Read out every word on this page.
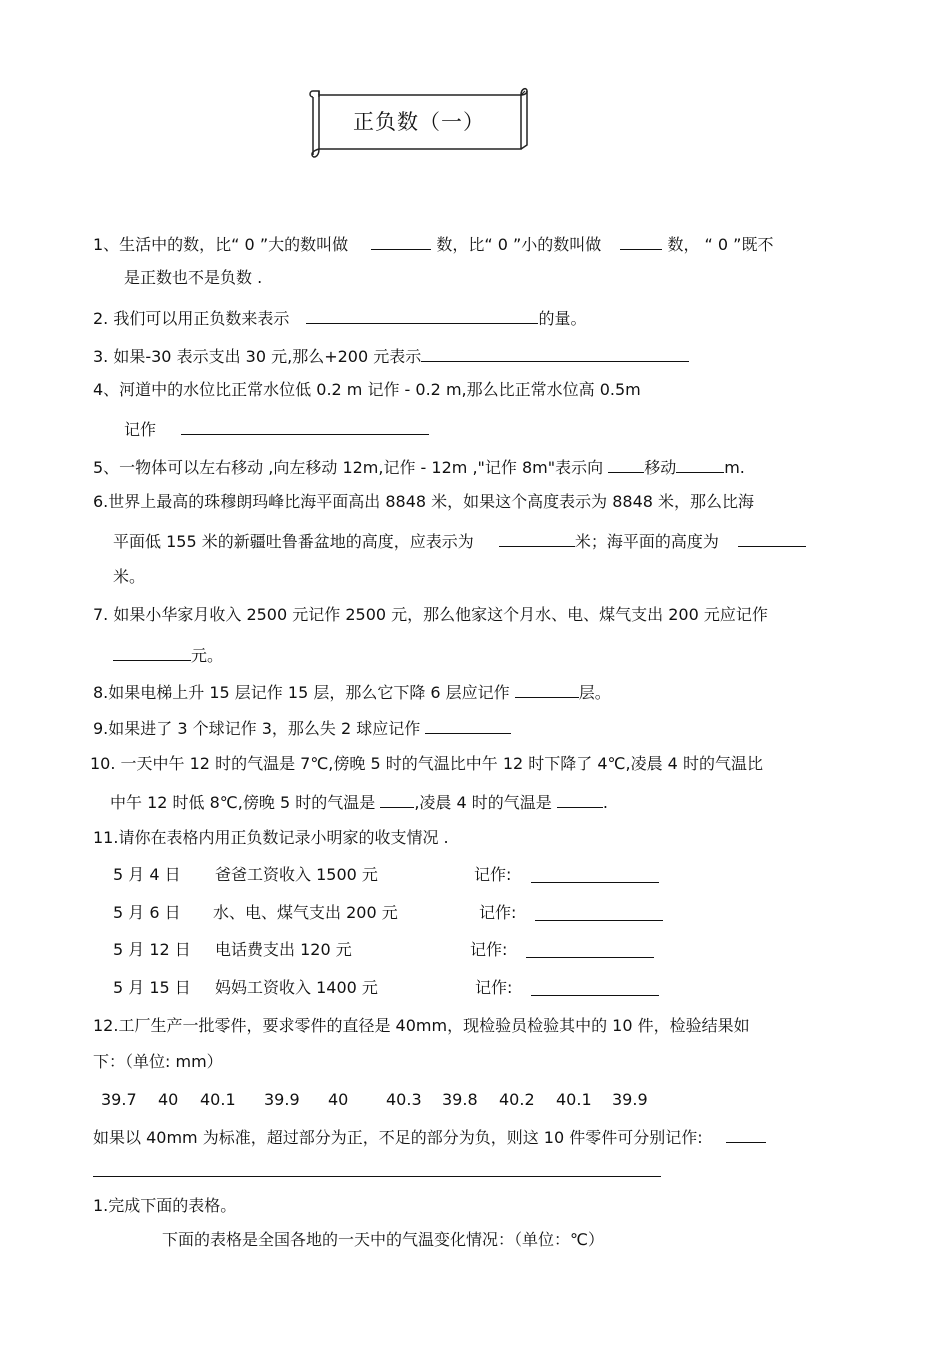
正负数（一）
1、生活中的数，比“ 0 ”大的数叫做	数，比“ 0 ”小的数叫做	数， “ 0 ”既不
是正数也不是负数 .
2. 我们可以用正负数来表示	的量。
3. 如果-30 表示支出 30 元,那么+200 元表示
4、河道中的水位比正常水位低 0.2 m 记作 - 0.2 m,那么比正常水位高 0.5m
记作
5、一物体可以左右移动 ,向左移动 12m,记作 - 12m ,"记作 8m"表示向	移动	m.
6.世界上最高的珠穆朗玛峰比海平面高出 8848 米，如果这个高度表示为 8848 米，那么比海
平面低 155 米的新疆吐鲁番盆地的高度，应表示为	米；海平面的高度为
米。
7. 如果小华家月收入 2500 元记作 2500 元，那么他家这个月水、电、煤气支出 200 元应记作
元。
8.如果电梯上升 15 层记作 15 层，那么它下降 6 层应记作	层。
9.如果进了 3 个球记作 3，那么失 2 球应记作
10. 一天中午 12 时的气温是 7℃,傍晚 5 时的气温比中午 12 时下降了 4℃,凌晨 4 时的气温比
中午 12 时低 8℃,傍晚 5 时的气温是 ,凌晨 4 时的气温是	.
11.请你在表格内用正负数记录小明家的收支情况 .
5 月 4 日 爸爸工资收入 1500 元	记作:
5 月 6 日 水、电、煤气支出 200 元	记作:
5 月 12 日 电话费支出 120 元	记作:
5 月 15 日 妈妈工资收入 1400 元	记作:
12.工厂生产一批零件，要求零件的直径是 40mm，现检验员检验其中的 10 件，检验结果如
下：（单位: mm）
39.7 40 40.1 39.9 40 40.3 39.8 40.2 40.1 39.9
如果以 40mm 为标准，超过部分为正，不足的部分为负，则这 10 件零件可分别记作:
1.完成下面的表格。
下面的表格是全国各地的一天中的气温变化情况：（单位：℃）
